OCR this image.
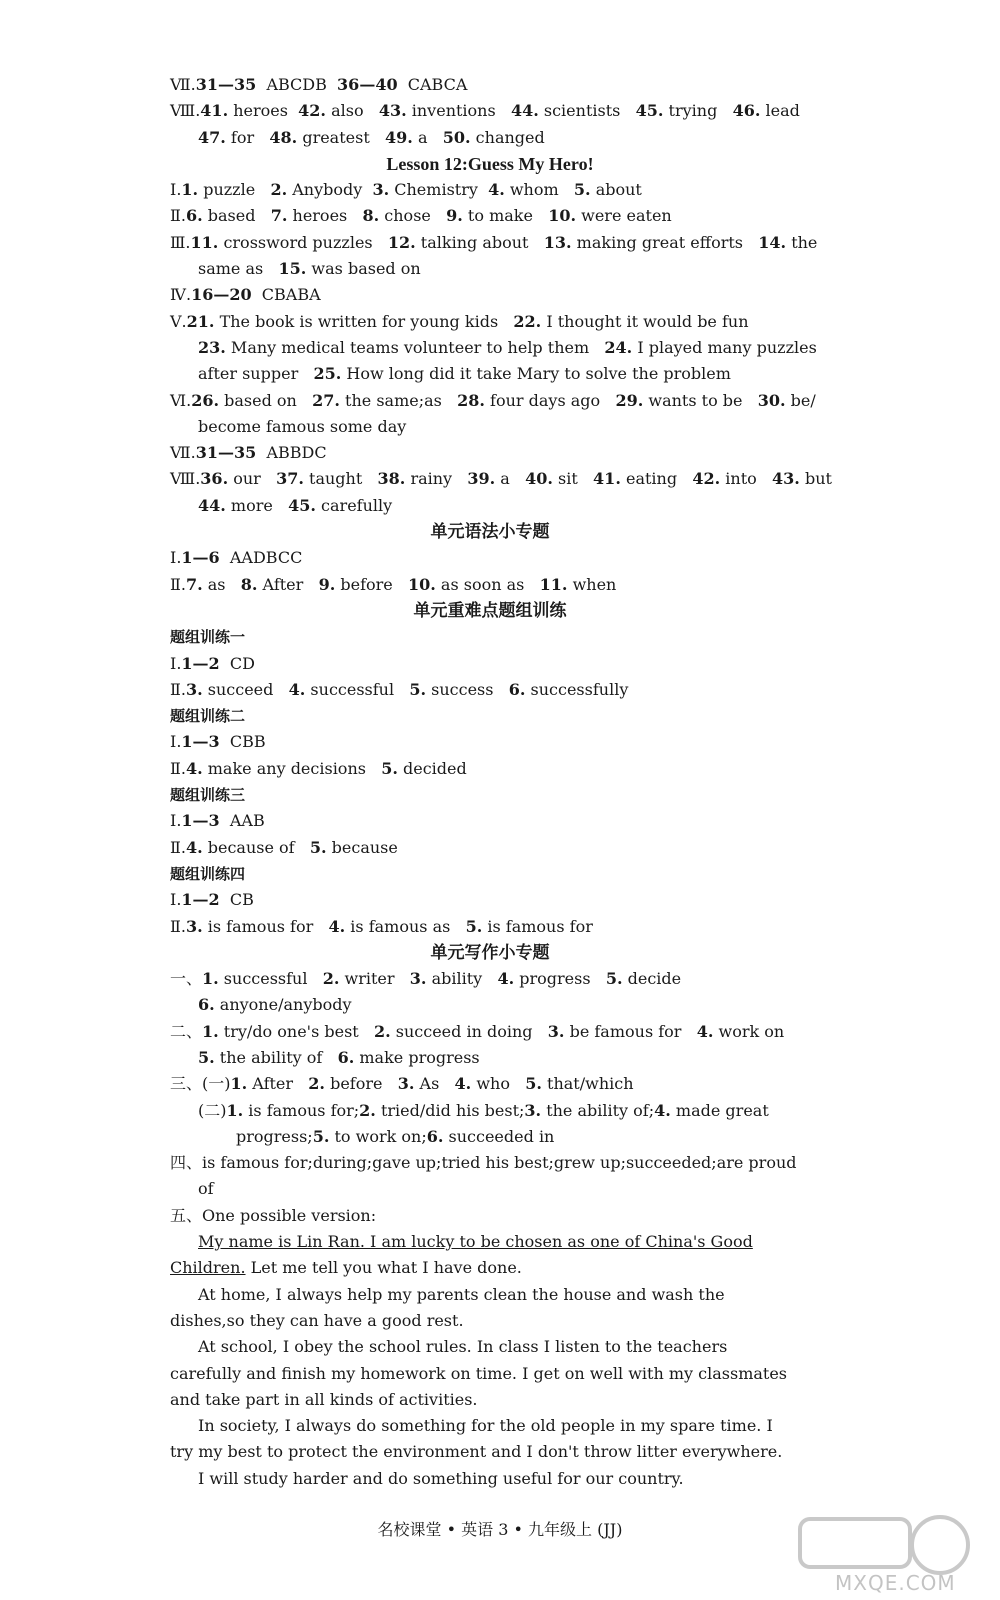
Ⅶ.31—35  ABCDB  36—40  CABCA
Ⅷ.41. heroes  42. also   43. inventions   44. scientists   45. trying   46. lead
47. for   48. greatest   49. a   50. changed
Lesson 12:Guess My Hero!
Ⅰ.1. puzzle   2. Anybody  3. Chemistry  4. whom   5. about
Ⅱ.6. based   7. heroes   8. chose   9. to make   10. were eaten
Ⅲ.11. crossword puzzles   12. talking about   13. making great efforts   14. the
same as   15. was based on
Ⅳ.16—20  CBABA
Ⅴ.21. The book is written for young kids   22. I thought it would be fun
23. Many medical teams volunteer to help them   24. I played many puzzles
after supper   25. How long did it take Mary to solve the problem
Ⅵ.26. based on   27. the same;as   28. four days ago   29. wants to be   30. be/
become famous some day
Ⅶ.31—35  ABBDC
Ⅷ.36. our   37. taught   38. rainy   39. a   40. sit   41. eating   42. into   43. but
44. more   45. carefully
单元语法小专题
Ⅰ.1—6  AADBCC
Ⅱ.7. as   8. After   9. before   10. as soon as   11. when
单元重难点题组训练
题组训练一
Ⅰ.1—2  CD
Ⅱ.3. succeed   4. successful   5. success   6. successfully
题组训练二
Ⅰ.1—3  CBB
Ⅱ.4. make any decisions   5. decided
题组训练三
Ⅰ.1—3  AAB
Ⅱ.4. because of   5. because
题组训练四
Ⅰ.1—2  CB
Ⅱ.3. is famous for   4. is famous as   5. is famous for
单元写作小专题
一、1. successful   2. writer   3. ability   4. progress   5. decide
6. anyone/anybody
二、1. try/do one's best   2. succeed in doing   3. be famous for   4. work on
5. the ability of   6. make progress
三、(一)1. After   2. before   3. As   4. who   5. that/which
(二)1. is famous for;2. tried/did his best;3. the ability of;4. made great
progress;5. to work on;6. succeeded in
四、is famous for;during;gave up;tried his best;grew up;succeeded;are proud
of
五、One possible version:
My name is Lin Ran. I am lucky to be chosen as one of China's Good
Children. Let me tell you what I have done.
At home, I always help my parents clean the house and wash the
dishes,so they can have a good rest.
At school, I obey the school rules. In class I listen to the teachers
carefully and finish my homework on time. I get on well with my classmates
and take part in all kinds of activities.
In society, I always do something for the old people in my spare time. I
try my best to protect the environment and I don't throw litter everywhere.
I will study harder and do something useful for our country.
名校课堂 • 英语 3 • 九年级上 (JJ)
MXQE.COM
